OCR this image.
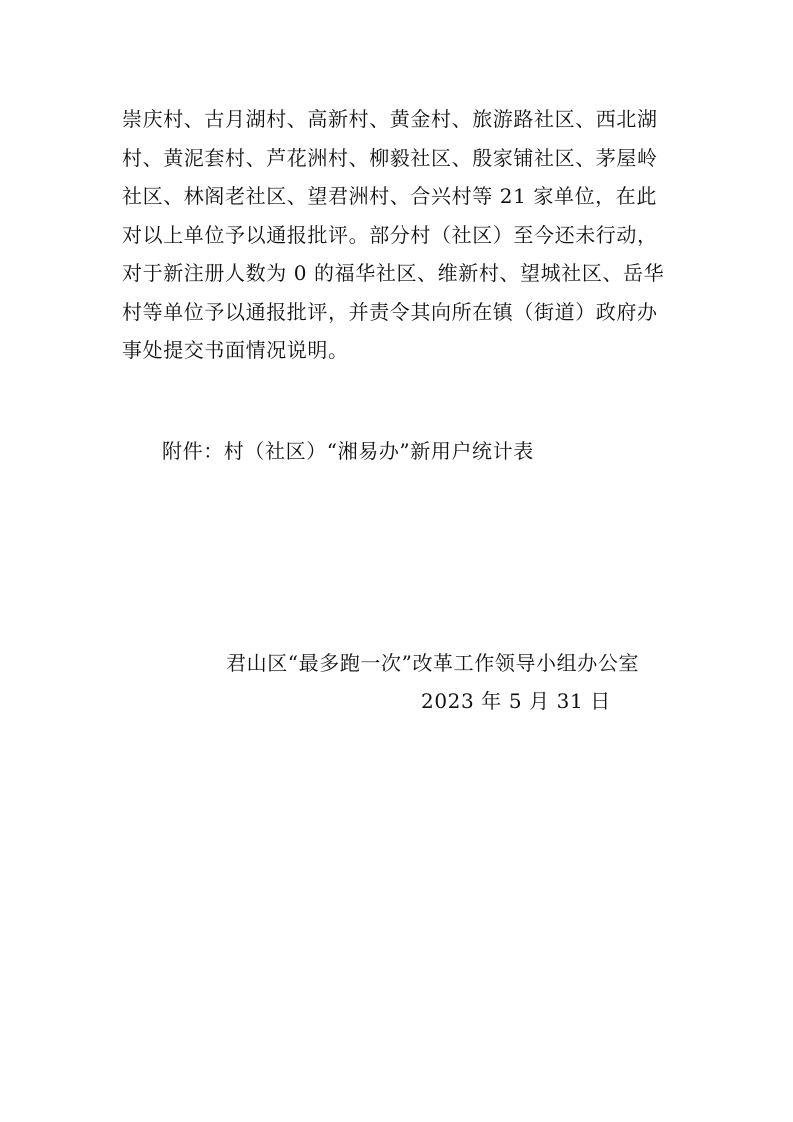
崇庆村、古月湖村、高新村、黄金村、旅游路社区、西北湖
村、黄泥套村、芦花洲村、柳毅社区、殷家铺社区、茅屋岭
社区、林阁老社区、望君洲村、合兴村等 21 家单位，在此
对以上单位予以通报批评。部分村（社区）至今还未行动，
对于新注册人数为 0 的福华社区、维新村、望城社区、岳华
村等单位予以通报批评，并责令其向所在镇（街道）政府办
事处提交书面情况说明。

附件：村（社区）“湘易办”新用户统计表

君山区“最多跑一次”改革工作领导小组办公室

2023 年 5 月 31 日
